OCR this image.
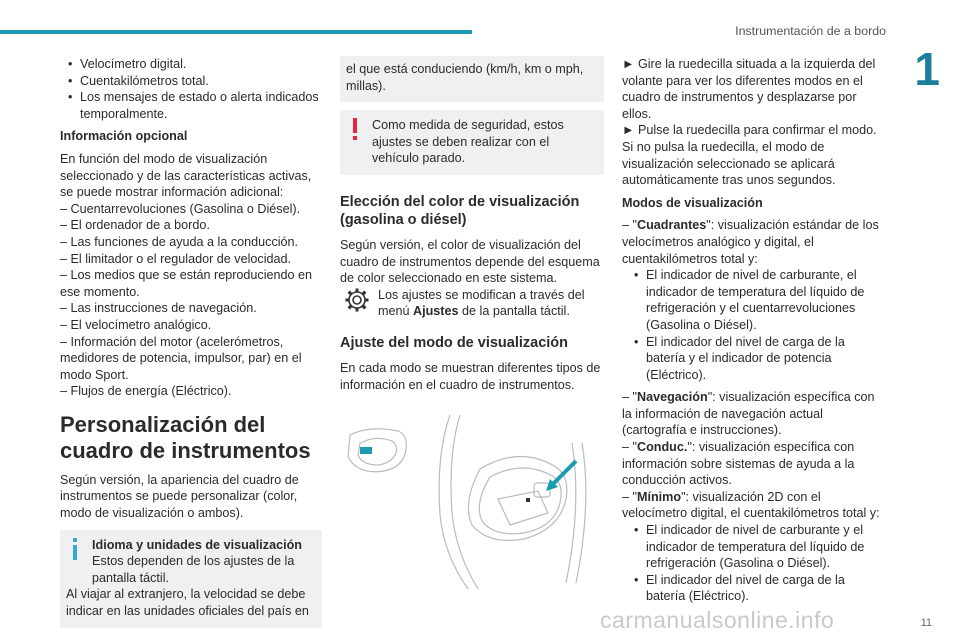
Instrumentación de a bordo
1
• Velocímetro digital.
• Cuentakilómetros total.
• Los mensajes de estado o alerta indicados temporalmente.

Información opcional

En función del modo de visualización seleccionado y de las características activas, se puede mostrar información adicional:

– Cuentarrevoluciones (Gasolina o Diésel).

– El ordenador de a bordo.

– Las funciones de ayuda a la conducción.

– El limitador o el regulador de velocidad.

– Los medios que se están reproduciendo en ese momento.

– Las instrucciones de navegación.

– El velocímetro analógico.

– Información del motor (acelerómetros, medidores de potencia, impulsor, par) en el modo Sport.

– Flujos de energía (Eléctrico).

Personalización del cuadro de instrumentos

Según versión, la apariencia del cuadro de instrumentos se puede personalizar (color, modo de visualización o ambos).

Idioma y unidades de visualización

Estos dependen de los ajustes de la pantalla táctil.

Al viajar al extranjero, la velocidad se debe indicar en las unidades oficiales del país en

el que está conduciendo (km/h, km o mph, millas).

Como medida de seguridad, estos ajustes se deben realizar con el vehículo parado.

Elección del color de visualización (gasolina o diésel)

Según versión, el color de visualización del cuadro de instrumentos depende del esquema de color seleccionado en este sistema.

Los ajustes se modifican a través del menú Ajustes de la pantalla táctil.

Ajuste del modo de visualización

En cada modo se muestran diferentes tipos de información en el cuadro de instrumentos.

► Gire la ruedecilla situada a la izquierda del volante para ver los diferentes modos en el cuadro de instrumentos y desplazarse por ellos.

► Pulse la ruedecilla para confirmar el modo.

Si no pulsa la ruedecilla, el modo de visualización seleccionado se aplicará automáticamente tras unos segundos.

Modos de visualización

– "Cuadrantes": visualización estándar de los velocímetros analógico y digital, el cuentakilómetros total y:

• El indicador de nivel de carburante, el indicador de temperatura del líquido de refrigeración y el cuentarrevoluciones (Gasolina o Diésel).
• El indicador del nivel de carga de la batería y el indicador de potencia (Eléctrico).

– "Navegación": visualización específica con la información de navegación actual (cartografía e instrucciones).

– "Conduc.": visualización específica con información sobre sistemas de ayuda a la conducción activos.

– "Mínimo": visualización 2D con el velocímetro digital, el cuentakilómetros total y:

• El indicador de nivel de carburante y el indicador de temperatura del líquido de refrigeración (Gasolina o Diésel).
• El indicador del nivel de carga de la batería (Eléctrico).
11
carmanualsonline.info
